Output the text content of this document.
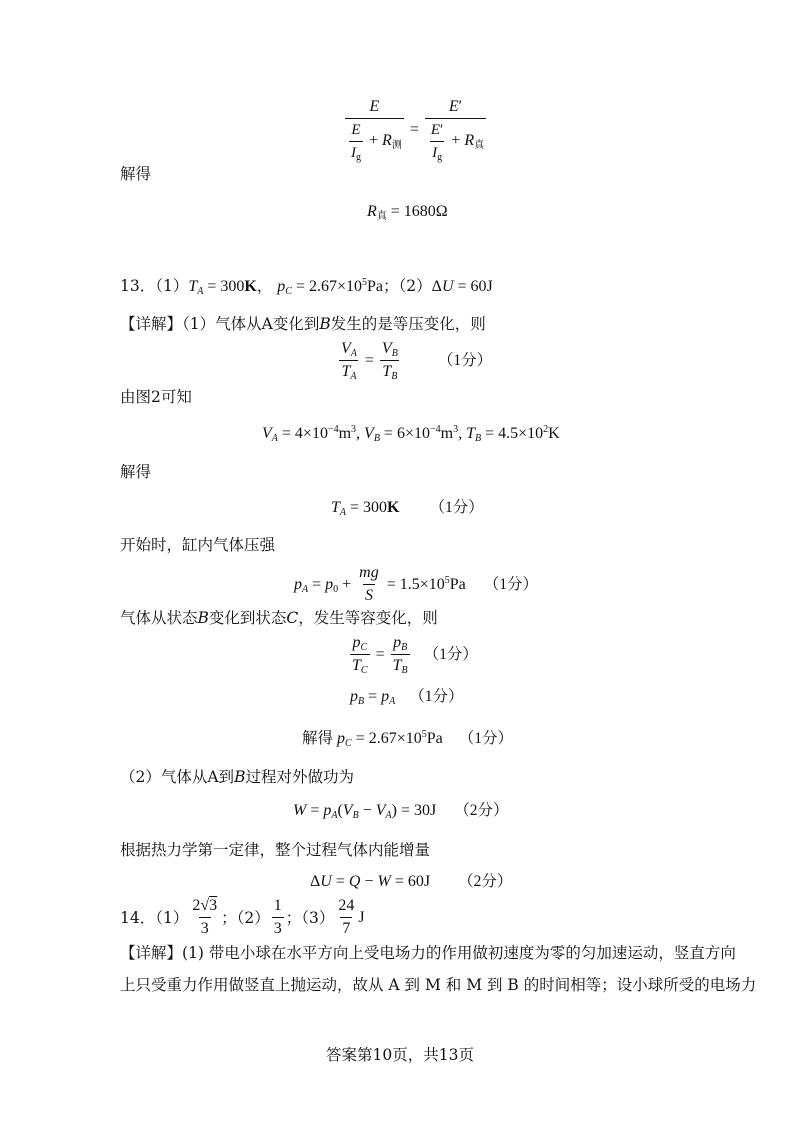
$\frac{E}{\frac{E}{I_g} + R_测} = \frac{E'}{\frac{E'}{I_g} + R_真}$
解得
$R_真 = 1680\Omega$
13．$(1)T_A = 300K$， $p_C = 2.67\times 10^5Pa$；（2）ΔU = 60J
【详解】（1）气体从A变化到B发生的是等压变化，则
$\frac{V_A}{T_A} = \frac{V_B}{T_B} (1$分）
由图2可知
$V_A = 4\times 10^{-4}m^3$, $V_B = 6\times 10^{-4}m^3$, $T_B = 4.5\times 10^2K$
解得
$T_A = 300K$ （1分）
开始时，缸内气体压强
$p_A = p_0 + \frac{mg}{S} = 1.5\times 10^5Pa$ （1分）
气体从状态B变化到状态C，发生等容变化，则
$\frac{p_C}{T_C} = \frac{p_B}{T_B} (1$分）
$p_B = p_A$ （1分）
解得 $p_C = 2.67\times 10^5Pa$ （1分）
（2）气体从A到B过程对外做功为
$W = p_A(V_B - V_A) = 30J$ （2分）
根据热力学第一定律，整个过程气体内能增量
ΔU = Q − W = 60J （2分）
14．$(1) \frac{2√3}{3}$ ；$(2) \frac{1}{3}$ ；$(3) \frac{24}{7}$ J
【详解】(1) 带电小球在水平方向上受电场力的作用做初速度为零的匀加速运动，竖直方向
上只受重力作用做竖直上抛运动，故从 A 到 M 和 M 到 B 的时间相等；设小球所受的电场力
答案第10页，共13页
